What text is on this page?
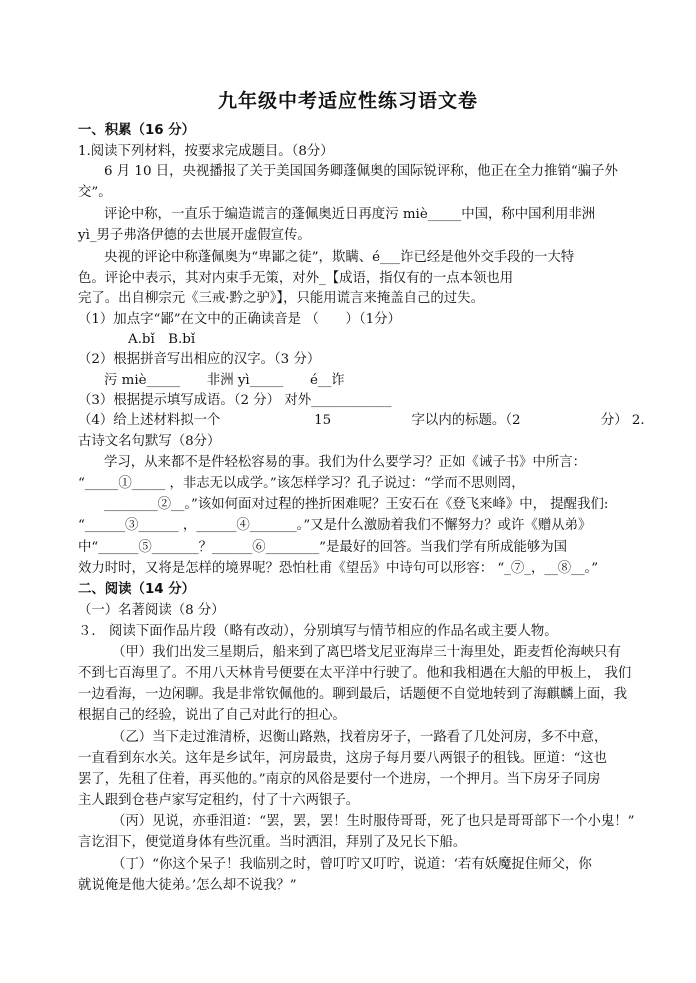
九年级中考适应性练习语文卷
一、积累（16 分）
1.阅读下列材料，按要求完成题目。（8分）
6 月 10 日，央视播报了关于美国国务卿蓬佩奥的国际锐评称，他正在全力推销“骗子外
交”。
评论中称，一直乐于编造谎言的蓬佩奥近日再度污 miè_____中国，称中国利用非洲
yì_男子弗洛伊德的去世展开虚假宣传。
央视的评论中称蓬佩奥为“卑鄙之徒”，欺瞒、é___诈已经是他外交手段的一大特
色。评论中表示，其对内束手无策，对外_【成语，指仅有的一点本领也用
完了。出自柳宗元《三戒·黔之驴》】，只能用谎言来掩盖自己的过失。
（1）加点字“鄙”在文中的正确读音是 （　　）（1分）
A.bǐ　B.bǐ
（2）根据拼音写出相应的汉字。（3 分）
污 miè_____　　非洲 yì_____　　é__诈
（3）根据提示填写成语。（2 分） 对外____________
（4）给上述材料拟一个　　　　　　　15　　　　　　字以内的标题。（2　　　　　　分） 2.
古诗文名句默写（8分）
学习，从来都不是件轻松容易的事。我们为什么要学习？正如《诫子书》中所言：
“_____①_____ ，非志无以成学。”该怎样学习？孔子说过：“学而不思则罔，
________②__。”该如何面对过程的挫折困难呢？王安石在《登飞来峰》中， 提醒我们:
“______③______ ，______④_______。”又是什么激励着我们不懈努力？或许《赠从弟》
中“______⑤_______？______⑥________”是最好的回答。当我们学有所成能够为国
效力时时，又将是怎样的境界呢？恐怕杜甫《望岳》中诗句可以形容： “_⑦_，__⑧__。”
二、阅读（14 分）
（一）名著阅读（8 分）
３． 阅读下面作品片段（略有改动），分别填写与情节相应的作品名或主要人物。
（甲）我们出发三星期后，船来到了离巴塔戈尼亚海岸三十海里处，距麦哲伦海峡只有
不到七百海里了。不用八天林肯号便要在太平洋中行驶了。他和我相遇在大船的甲板上， 我们
一边看海，一边闲聊。我是非常钦佩他的。聊到最后，话题便不自觉地转到了海麒麟上面，我
根据自己的经验，说出了自己对此行的担心。
（乙）当下走过淮清桥，迟衡山路熟，找着房牙子，一路看了几处河房，多不中意，
一直看到东水关。这年是乡试年，河房最贵，这房子每月要八两银子的租钱。匣道：“这也
罢了，先租了住着，再买他的。”南京的风俗是要付一个进房，一个押月。当下房牙子同房
主人跟到仓巷卢家写定租约，付了十六两银子。
（丙）见说，亦垂泪道：“罢，罢，罢！生时服侍哥哥，死了也只是哥哥部下一个小鬼！”
言讫泪下，便觉道身体有些沉重。当时洒泪，拜别了及兄长下船。
（丁）“你这个呆子！我临别之时，曾叮咛又叮咛，说道：‘若有妖魔捉住师父，你
就说俺是他大徒弟。’怎么却不说我？”
